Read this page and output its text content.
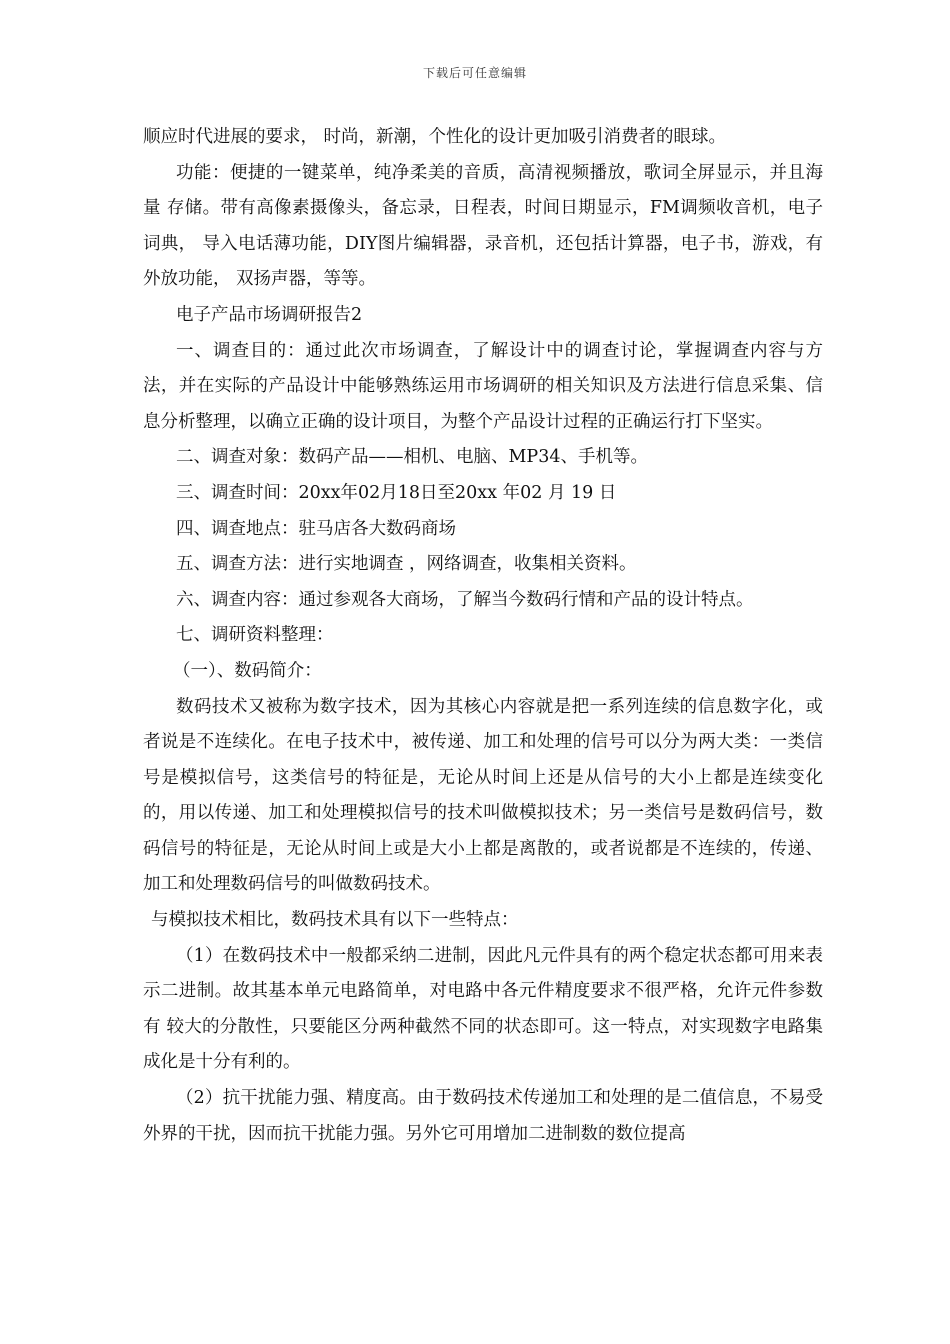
下载后可任意编辑

顺应时代进展的要求， 时尚，新潮，个性化的设计更加吸引消费者的眼球。

功能：便捷的一键菜单，纯净柔美的音质，高清视频播放，歌词全屏显示，并且海量 存储。带有高像素摄像头，备忘录，日程表，时间日期显示，FM调频收音机，电子词典， 导入电话薄功能，DIY图片编辑器，录音机，还包括计算器，电子书，游戏，有外放功能， 双扬声器，等等。

电子产品市场调研报告2

一、调查目的：通过此次市场调查，了解设计中的调查讨论，掌握调查内容与方法，并在实际的产品设计中能够熟练运用市场调研的相关知识及方法进行信息采集、信息分析整理，以确立正确的设计项目，为整个产品设计过程的正确运行打下坚实。

二、调查对象：数码产品——相机、电脑、MP34、手机等。

三、调查时间：20xx年02月18日至20xx 年02 月 19 日

四、调查地点：驻马店各大数码商场

五、调查方法：进行实地调查 ，网络调查，收集相关资料。

六、调查内容：通过参观各大商场，了解当今数码行情和产品的设计特点。

七、调研资料整理：

（一）、数码简介：

数码技术又被称为数字技术，因为其核心内容就是把一系列连续的信息数字化，或者说是不连续化。在电子技术中，被传递、加工和处理的信号可以分为两大类：一类信号是模拟信号，这类信号的特征是，无论从时间上还是从信号的大小上都是连续变化的，用以传递、加工和处理模拟信号的技术叫做模拟技术；另一类信号是数码信号，数码信号的特征是，无论从时间上或是大小上都是离散的，或者说都是不连续的，传递、加工和处理数码信号的叫做数码技术。

与模拟技术相比，数码技术具有以下一些特点：

（1）在数码技术中一般都采纳二进制，因此凡元件具有的两个稳定状态都可用来表示二进制。故其基本单元电路简单，对电路中各元件精度要求不很严格，允许元件参数有 较大的分散性，只要能区分两种截然不同的状态即可。这一特点，对实现数字电路集成化是十分有利的。

（2）抗干扰能力强、精度高。由于数码技术传递加工和处理的是二值信息，不易受外界的干扰，因而抗干扰能力强。另外它可用增加二进制数的数位提高
